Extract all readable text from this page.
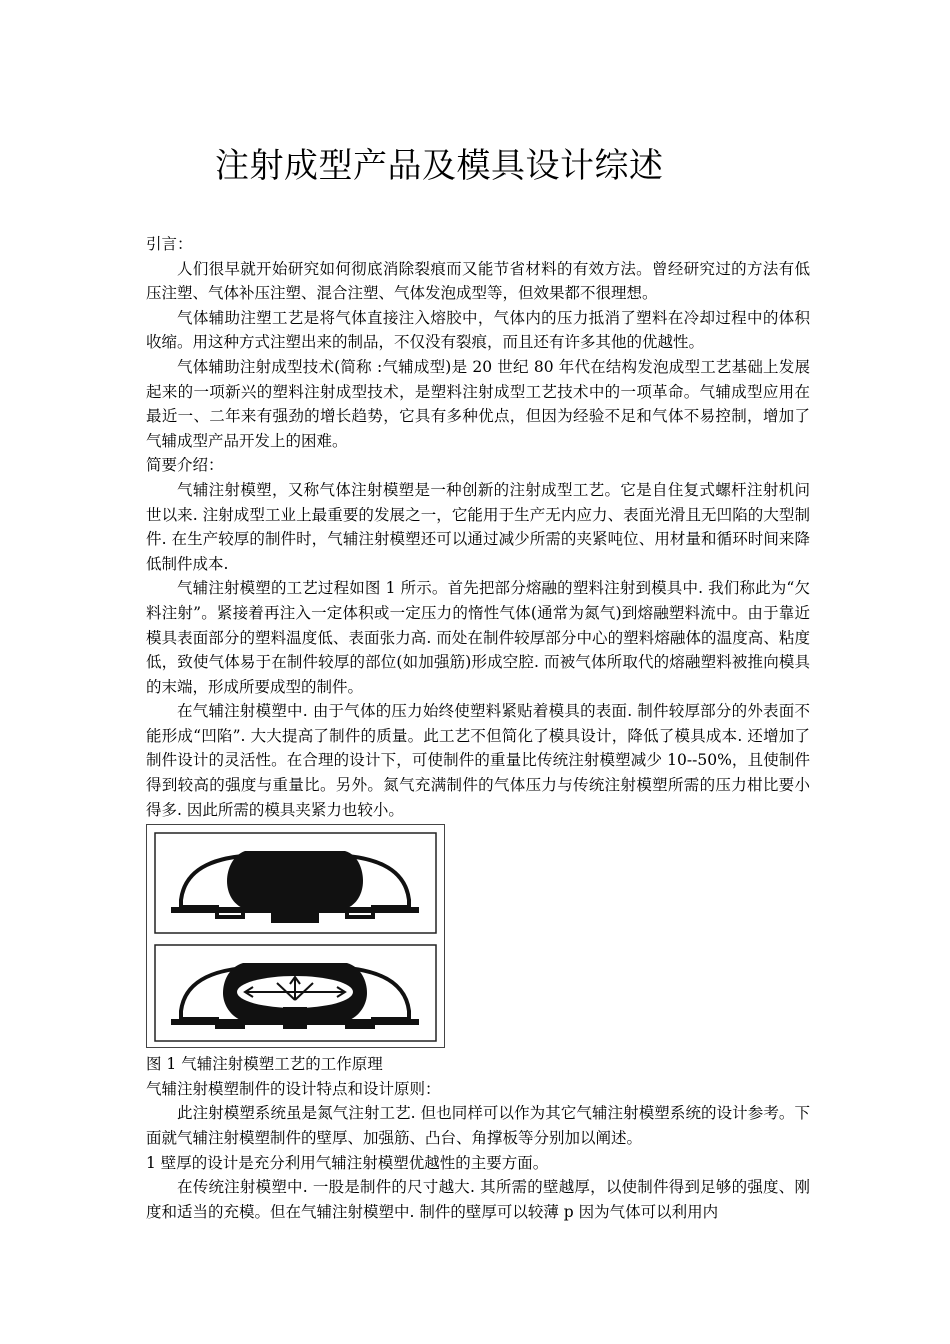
注射成型产品及模具设计综述

引言：

人们很早就开始研究如何彻底消除裂痕而又能节省材料的有效方法。曾经研究过的方法有低压注塑、气体补压注塑、混合注塑、气体发泡成型等，但效果都不很理想。

气体辅助注塑工艺是将气体直接注入熔胶中，气体内的压力抵消了塑料在冷却过程中的体积收缩。用这种方式注塑出来的制品，不仅没有裂痕，而且还有许多其他的优越性。

气体辅助注射成型技术(简称 :气辅成型)是 20 世纪 80 年代在结构发泡成型工艺基础上发展起来的一项新兴的塑料注射成型技术，是塑料注射成型工艺技术中的一项革命。气辅成型应用在最近一、二年来有强劲的增长趋势，它具有多种优点，但因为经验不足和气体不易控制，增加了气辅成型产品开发上的困难。

简要介绍：

气辅注射模塑，又称气体注射模塑是一种创新的注射成型工艺。它是自住复式螺杆注射机问世以来. 注射成型工业上最重要的发展之一，它能用于生产无内应力、表面光滑且无凹陷的大型制件. 在生产较厚的制件时，气辅注射模塑还可以通过减少所需的夹紧吨位、用材量和循环时间来降低制件成本.

气辅注射模塑的工艺过程如图 1 所示。首先把部分熔融的塑料注射到模具中. 我们称此为“欠料注射”。紧接着再注入一定体积或一定压力的惰性气体(通常为氮气)到熔融塑料流中。由于靠近模具表面部分的塑料温度低、表面张力高. 而处在制件较厚部分中心的塑料熔融体的温度高、粘度低，致使气体易于在制件较厚的部位(如加强筋)形成空腔. 而被气体所取代的熔融塑料被推向模具的末端，形成所要成型的制件。

在气辅注射模塑中. 由于气体的压力始终使塑料紧贴着模具的表面. 制件较厚部分的外表面不能形成“凹陷”. 大大提高了制件的质量。此工艺不但简化了模具设计，降低了模具成本. 还增加了制件设计的灵活性。在合理的设计下，可使制件的重量比传统注射模塑减少 10--50%，且使制件得到较高的强度与重量比。另外。氮气充满制件的气体压力与传统注射模塑所需的压力柑比要小得多. 因此所需的模具夹紧力也较小。

图 1 气辅注射模塑工艺的工作原理

气辅注射模塑制件的设计特点和设计原则：

此注射模塑系统虽是氮气注射工艺. 但也同样可以作为其它气辅注射模塑系统的设计参考。下面就气辅注射模塑制件的壁厚、加强筋、凸台、角撑板等分别加以阐述。

1 壁厚的设计是充分利用气辅注射模塑优越性的主要方面。

在传统注射模塑中. 一股是制件的尺寸越大. 其所需的壁越厚，以使制件得到足够的强度、刚度和适当的充模。但在气辅注射模塑中. 制件的壁厚可以较薄 p 因为气体可以利用内
